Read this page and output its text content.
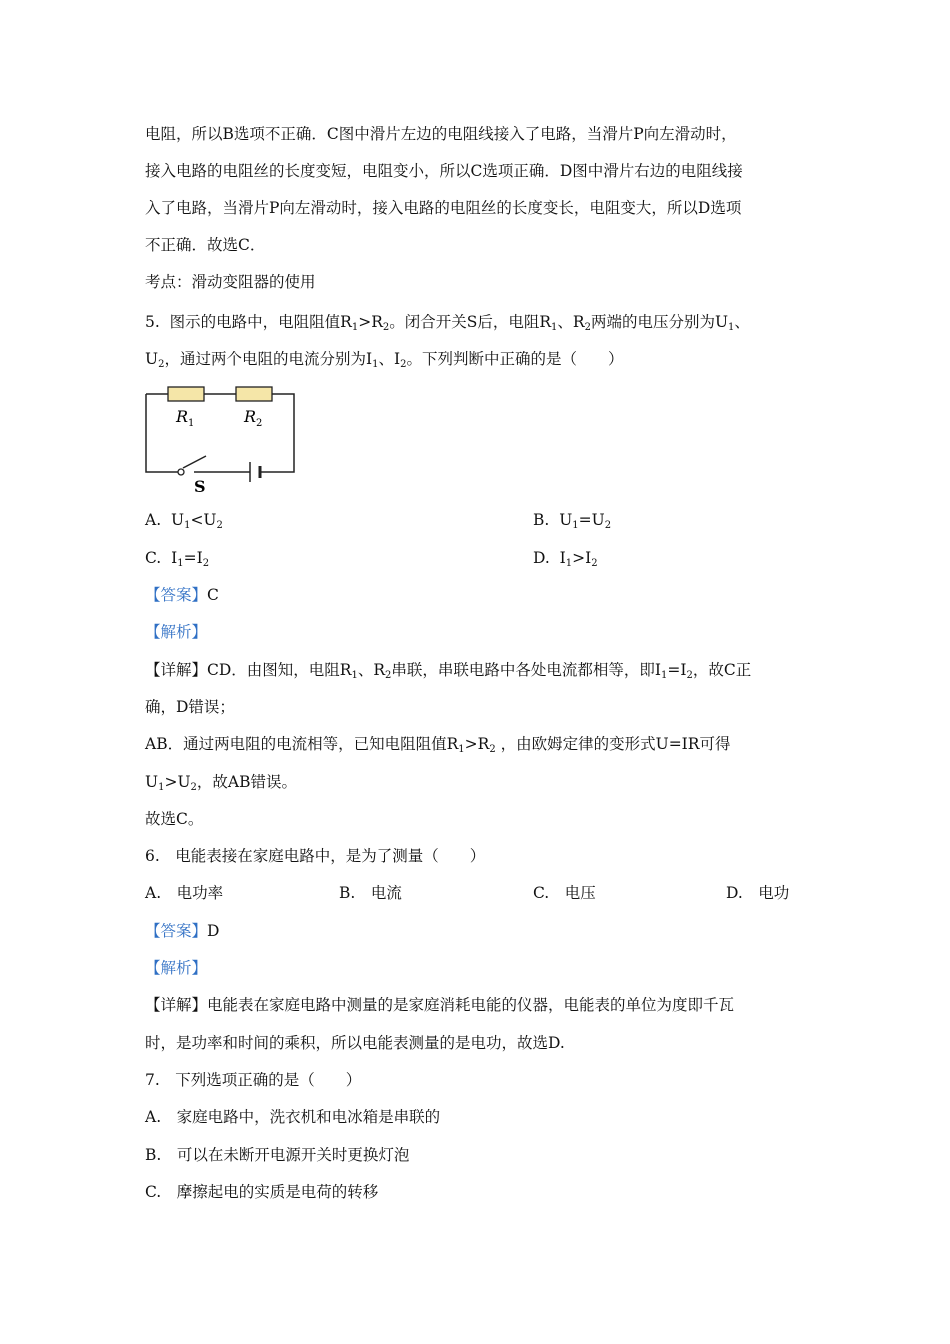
电阻，所以B选项不正确．C图中滑片左边的电阻线接入了电路，当滑片P向左滑动时，
接入电路的电阻丝的长度变短，电阻变小，所以C选项正确．D图中滑片右边的电阻线接
入了电路，当滑片P向左滑动时，接入电路的电阻丝的长度变长，电阻变大，所以D选项
不正确．故选C．
考点：滑动变阻器的使用
5. 图示的电路中，电阻阻值$R_1>R_2$。闭合开关S后，电阻$R_1$、$R_2$两端的电压分别为$U_1$、
$U_2$，通过两个电阻的电流分别为$I_1$、$I_2$。下列判断中正确的是（　　）
$R_1$	$R_2$
S
A. $U_1<U_2$	B. $U_1=U_2$
C. $I_1=I_2$	D. $I_1>I_2$
【答案】C
【解析】
【详解】CD．由图知，电阻$R_1$、$R_2$串联，串联电路中各处电流都相等，即$I_1=I_2$，故C正
确，D错误；
AB．通过两电阻的电流相等，已知电阻阻值$R_1>R_2$ ，由欧姆定律的变形式U=IR可得
$U_1>U_2$，故AB错误。
故选C。
6.　电能表接在家庭电路中，是为了测量（　　）
A.　电功率	B.　电流	C.　电压	D.　电功
【答案】D
【解析】
【详解】电能表在家庭电路中测量的是家庭消耗电能的仪器，电能表的单位为度即千瓦
时，是功率和时间的乘积，所以电能表测量的是电功，故选D.
7.　下列选项正确的是（　　）
A.　家庭电路中，洗衣机和电冰箱是串联的
B.　可以在未断开电源开关时更换灯泡
C.　摩擦起电的实质是电荷的转移
